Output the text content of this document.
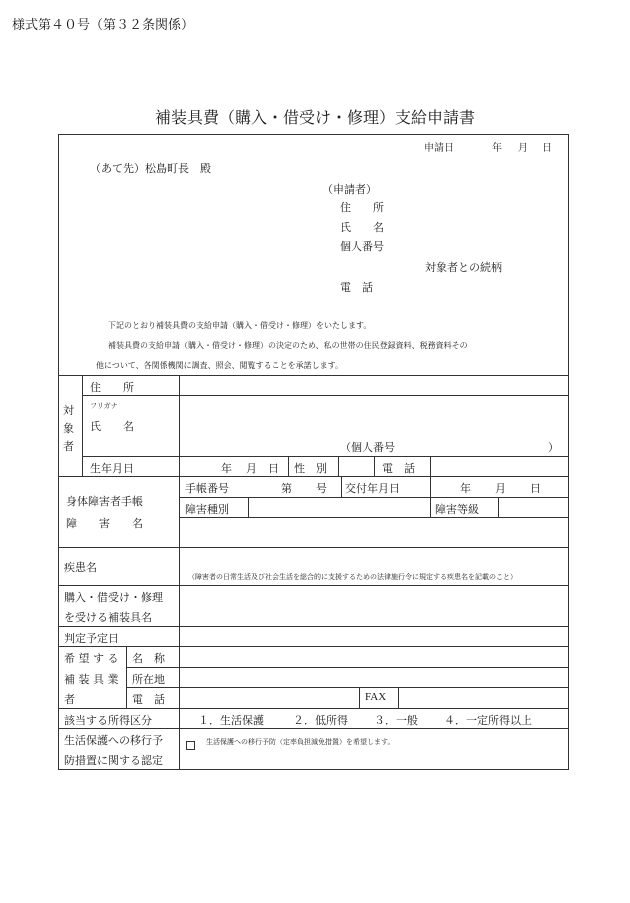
様式第４０号（第３２条関係）
補装具費（購入・借受け・修理）支給申請書
申請日	年 月 日
（あて先）松島町長　殿
（申請者）
住　　所
氏　　名
個人番号
対象者との続柄
電　話
下記のとおり補装具費の支給申請（購入・借受け・修理）をいたします。
補装具費の支給申請（購入・借受け・修理）の決定のため、私の世帯の住民登録資料、税務資料その
他について、各関係機関に調査、照会、閲覧することを承諾します。
対
象
者
住　　所
フリガナ
氏　　名
（個人番号	）
生年月日	年 月 日 性　別	電　話
身体障害者手帳
障　　害　　名
手帳番号	第 号 交付年月日	年 月 日
障害種別	障害等級
疾患名
（障害者の日常生活及び社会生活を総合的に支援するための法律施行令に規定する疾患名を記載のこと）
購入・借受け・修理
を受ける補装具名
判定予定日
希 望 す る
補 装 具 業
者
名　称
所在地
電　話	FAX
該当する所得区分	１．生活保護	２．低所得 ３．一般 ４．一定所得以上
生活保護への移行予
防措置に関する認定
生活保護への移行予防（定率負担減免措置）を希望します。
